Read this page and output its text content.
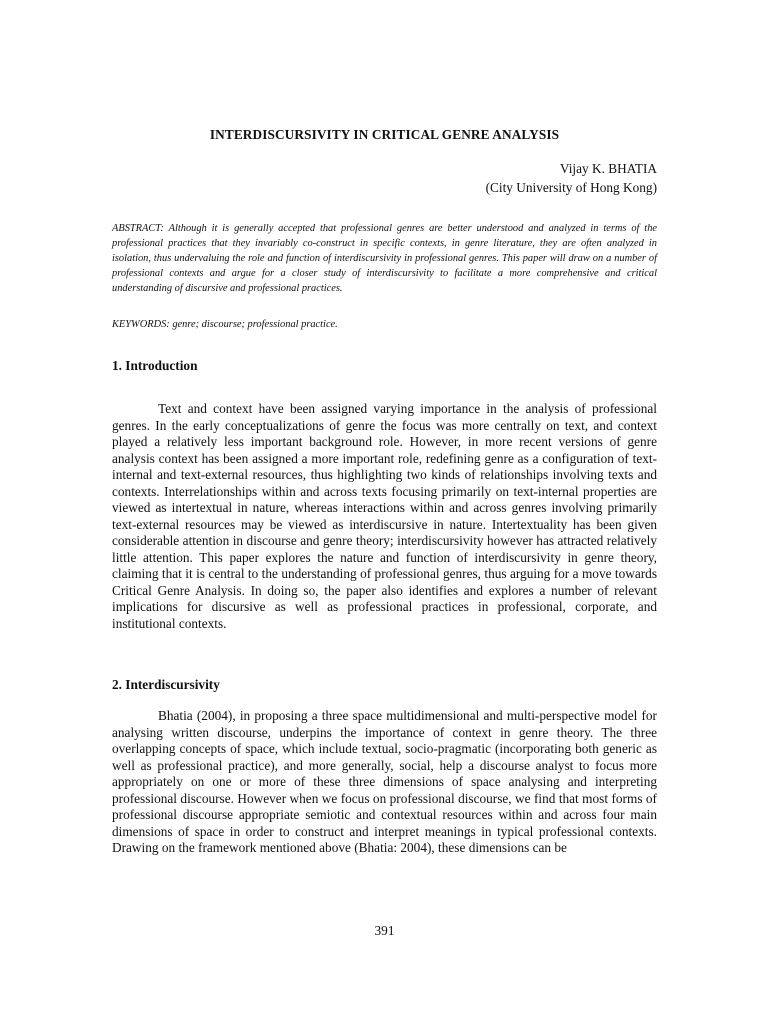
INTERDISCURSIVITY IN CRITICAL GENRE ANALYSIS
Vijay K. BHATIA
(City University of Hong Kong)

ABSTRACT: Although it is generally accepted that professional genres are better understood and analyzed in terms of the professional practices that they invariably co-construct in specific contexts, in genre literature, they are often analyzed in isolation, thus undervaluing the role and function of interdiscursivity in professional genres. This paper will draw on a number of professional contexts and argue for a closer study of interdiscursivity to facilitate a more comprehensive and critical understanding of discursive and professional practices.

KEYWORDS: genre; discourse; professional practice.

1. Introduction

Text and context have been assigned varying importance in the analysis of professional genres. In the early conceptualizations of genre the focus was more centrally on text, and context played a relatively less important background role. However, in more recent versions of genre analysis context has been assigned a more important role, redefining genre as a configuration of text-internal and text-external resources, thus highlighting two kinds of relationships involving texts and contexts. Interrelationships within and across texts focusing primarily on text-internal properties are viewed as intertextual in nature, whereas interactions within and across genres involving primarily text-external resources may be viewed as interdiscursive in nature. Intertextuality has been given considerable attention in discourse and genre theory; interdiscursivity however has attracted relatively little attention. This paper explores the nature and function of interdiscursivity in genre theory, claiming that it is central to the understanding of professional genres, thus arguing for a move towards Critical Genre Analysis. In doing so, the paper also identifies and explores a number of relevant implications for discursive as well as professional practices in professional, corporate, and institutional contexts.

2. Interdiscursivity

Bhatia (2004), in proposing a three space multidimensional and multi-perspective model for analysing written discourse, underpins the importance of context in genre theory. The three overlapping concepts of space, which include textual, socio-pragmatic (incorporating both generic as well as professional practice), and more generally, social, help a discourse analyst to focus more appropriately on one or more of these three dimensions of space analysing and interpreting professional discourse. However when we focus on professional discourse, we find that most forms of professional discourse appropriate semiotic and contextual resources within and across four main dimensions of space in order to construct and interpret meanings in typical professional contexts. Drawing on the framework mentioned above (Bhatia: 2004), these dimensions can be

391
